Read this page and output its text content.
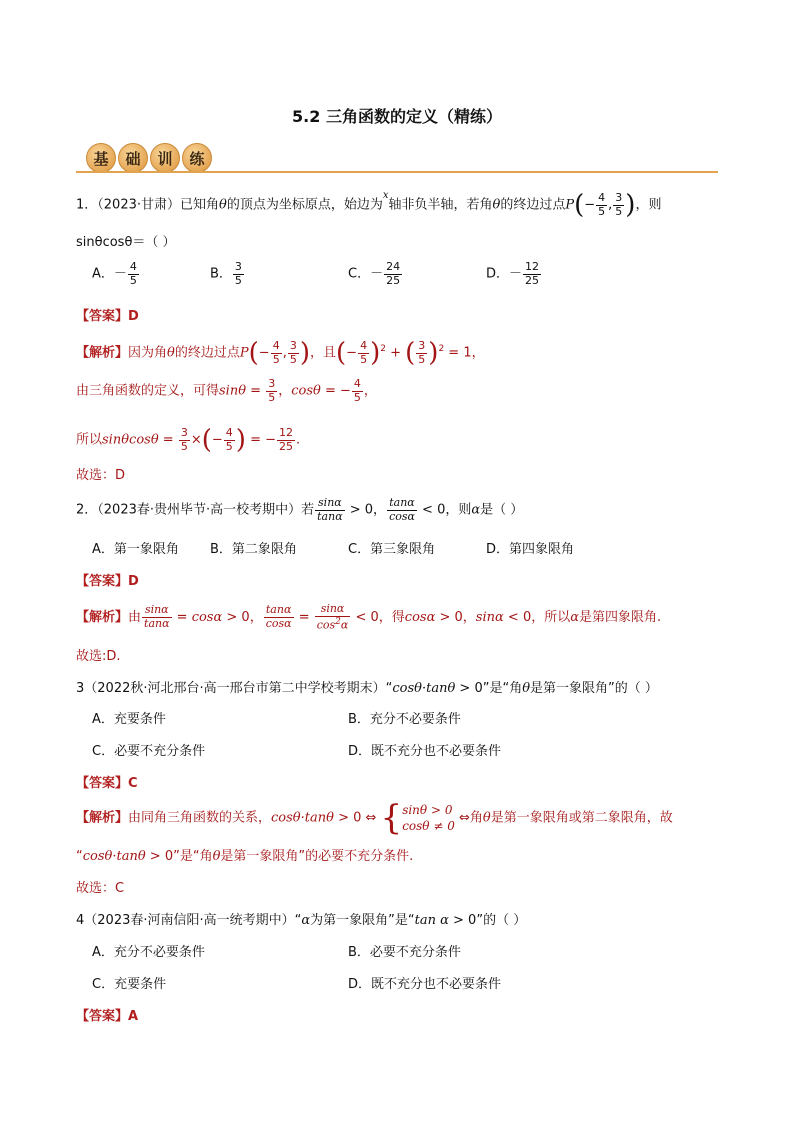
5.2 三角函数的定义（精练）
基	础	训	练
1．（2023·甘肃）已知角θ的顶点为坐标原点，始边为$^x$轴非负半轴，若角θ的终边过点$P(- \frac{4}{5}$ , $\frac{3}{5}$ )，则
sinθcosθ＝（ ）
A．－ $\frac{4}{5}$	B． $\frac{3}{5}$	C．－ $\frac{24}{25}$	D．－ $\frac{12}{25}$
【答案】D
【解析】因为角θ的终边过点$P(- \frac{4}{5}$ , $\frac{3}{5}$ )，且(− $\frac{4}{5} )^2$ + ( $\frac{3}{5} )^2 = 1$，
由三角函数的定义，可得$\sin\theta = \frac{3}{5}$ ，cosθ = − $\frac{4}{5}$ ，
所以$\sin\theta\cos\theta = \frac{3}{5}$ ×(− $\frac{4}{5}$ ) = − $\frac{12}{25}$ .
故选：D
2．（2023春·贵州毕节·高一校考期中）若 $\frac{\sin\alpha}{\tan\alpha} > 0$， $\frac{\tan\alpha}{\cos\alpha} < 0$，则α是（ ）
A．第一象限角 B．第二象限角	C．第三象限角	D．第四象限角
【答案】D
【解析】由 $\frac{\sin\alpha}{\tan\alpha} = \cos\alpha > 0$， $\frac{\tan\alpha}{\cos\alpha} = \frac{\sin\alpha}{\cos^2\alpha} < 0$，得cosα > 0，sinα < 0，所以α是第四象限角.
故选:D.
3（2022秋·河北邢台·高一邢台市第二中学校考期末）“cosθ·tanθ > 0”是“角θ是第一象限角”的（ ）
A．充要条件	B．充分不必要条件
C．必要不充分条件	D．既不充分也不必要条件
【答案】C
【解析】由同角三角函数的关系，cosθ·tanθ > 0 ⇔ {sinθ > 0
cosθ ≠ 0 ⇔角θ是第一象限角或第二象限角，故
“cosθ·tanθ > 0”是“角θ是第一象限角”的必要不充分条件.
故选：C
4（2023春·河南信阳·高一统考期中）“α为第一象限角”是“tan α > 0”的（ ）
A．充分不必要条件	B．必要不充分条件
C．充要条件	D．既不充分也不必要条件
【答案】A
